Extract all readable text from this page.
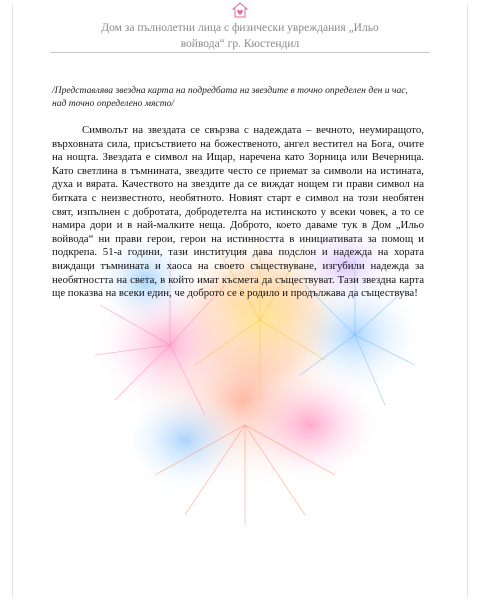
Дом за пълнолетни лица с физически увреждания „Ильо
войвода“ гр. Кюстендил
/Представлява звездна карта на подредбата на звездите в точно определен ден и час, над точно определено място/
Символът на звездата се свързва с надеждата – вечното, неумиращото, върховната сила, присъствието на божественото, ангел вестител на Бога, очите на нощта. Звездата е символ на Ищар, наречена като Зорница или Вечерница. Като светлина в тъмнината, звездите често се приемат за символи на истината, духа и вярата. Качеството на звездите да се виждат нощем ги прави символ на битката с неизвестното, необятното. Новият старт е символ на този необятен свят, изпълнен с добротата, добродетелта на истинското у всеки човек, а то се намира дори и в най-малките неща. Доброто, което даваме тук в Дом „Ильо войвода“ ни прави герои, герои на истинността в инициативата за помощ и подкрепа. 51-а години, тази институция дава подслон и надежда на хората виждащи тъмнината и хаоса на своето съществуване, изгубили надежда за необятността на света, в който имат късмета да съществуват. Тази звездна карта ще показва на всеки един, че доброто се е родило и продължава да съществува!
